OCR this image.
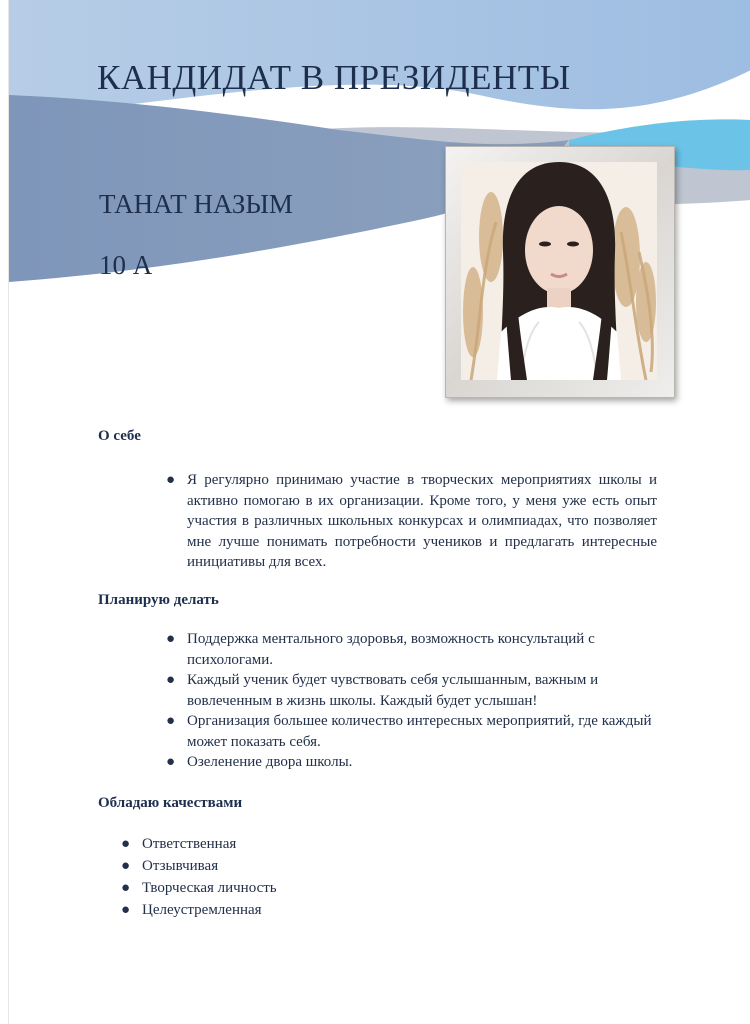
КАНДИДАТ В ПРЕЗИДЕНТЫ
ТАНАТ НАЗЫМ
10 А
О себе
● Я регулярно принимаю участие в творческих мероприятиях школы и активно помогаю в их организации. Кроме того, у меня уже есть опыт участия в различных школьных конкурсах и олимпиадах, что позволяет мне лучше понимать потребности учеников и предлагать интересные инициативы для всех.
Планирую делать
● Поддержка ментального здоровья, возможность консультаций с психологами.
● Каждый ученик будет чувствовать себя услышанным, важным и вовлеченным в жизнь школы. Каждый будет услышан!
● Организация большее количество интересных мероприятий, где каждый может показать себя.
● Озеленение двора школы.
Обладаю качествами
● Ответственная
● Отзывчивая
● Творческая личность
● Целеустремленная
